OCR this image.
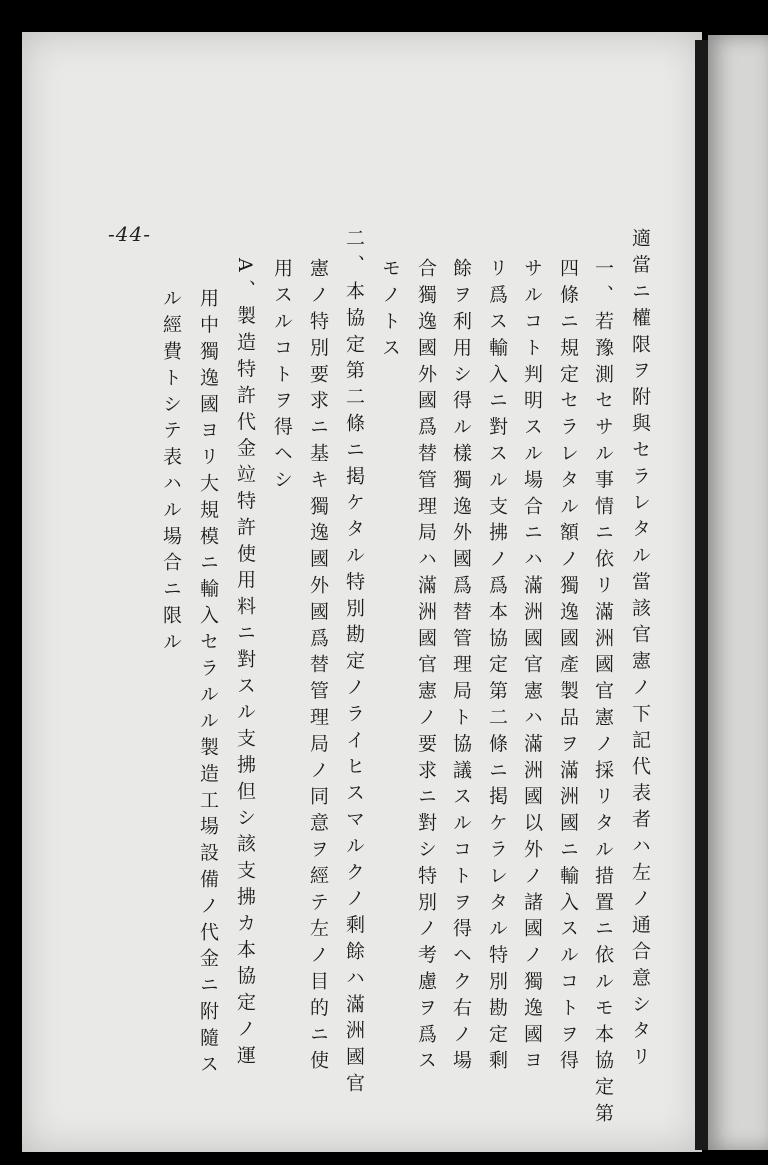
-44-	適當ニ權限ヲ附與セラレタル當該官憲ノ下記代表者ハ左ノ通合意シタリ
一、若豫測セサル事情ニ依リ滿洲國官憲ノ採リタル措置ニ依ルモ本協定第
四條ニ規定セラレタル額ノ獨逸國產製品ヲ滿洲國ニ輸入スルコトヲ得
サルコト判明スル場合ニハ滿洲國官憲ハ滿洲國以外ノ諸國ノ獨逸國ヨ
リ爲ス輸入ニ對スル支拂ノ爲本協定第二條ニ掲ケラレタル特別勘定剩
餘ヲ利用シ得ル樣獨逸外國爲替管理局ト協議スルコトヲ得ヘク右ノ場
合獨逸國外國爲替管理局ハ滿洲國官憲ノ要求ニ對シ特別ノ考慮ヲ爲ス
モノトス
二、本協定第二條ニ掲ケタル特別勘定ノライヒスマルクノ剩餘ハ滿洲國官
憲ノ特別要求ニ基キ獨逸國外國爲替管理局ノ同意ヲ經テ左ノ目的ニ使
用スルコトヲ得ヘシ
A、製造特許代金竝特許使用料ニ對スル支拂但シ該支拂カ本協定ノ運
用中獨逸國ヨリ大規模ニ輸入セラルル製造工場設備ノ代金ニ附隨ス
ル經費トシテ表ハル場合ニ限ル
